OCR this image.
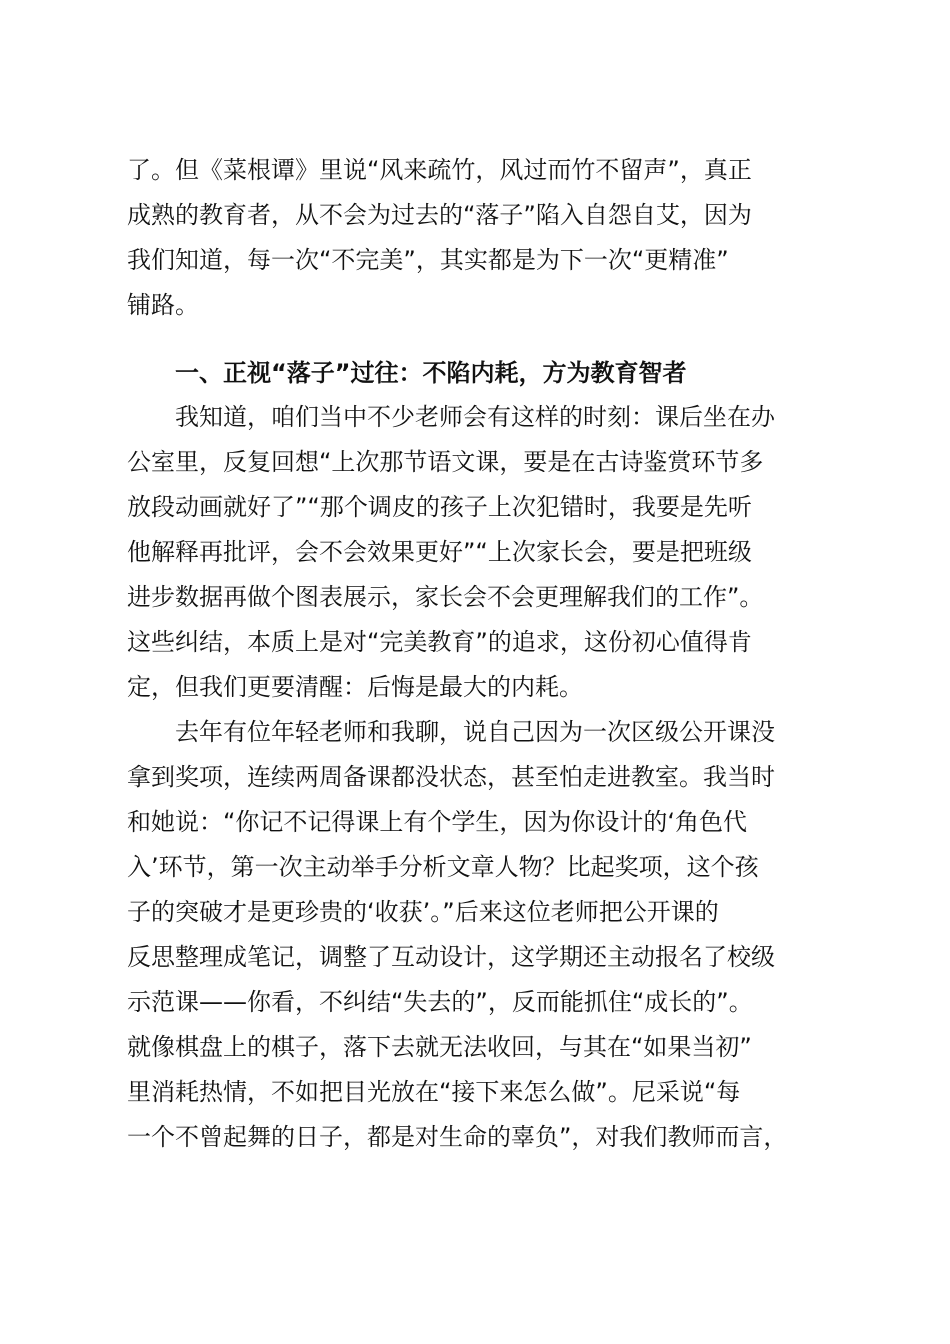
了。但《菜根谭》里说“风来疏竹，风过而竹不留声”，真正
成熟的教育者，从不会为过去的“落子”陷入自怨自艾，因为
我们知道，每一次“不完美”，其实都是为下一次“更精准”
铺路。
一、正视“落子”过往：不陷内耗，方为教育智者
我知道，咱们当中不少老师会有这样的时刻：课后坐在办
公室里，反复回想“上次那节语文课，要是在古诗鉴赏环节多
放段动画就好了”“那个调皮的孩子上次犯错时，我要是先听
他解释再批评，会不会效果更好”“上次家长会，要是把班级
进步数据再做个图表展示，家长会不会更理解我们的工作”。
这些纠结，本质上是对“完美教育”的追求，这份初心值得肯
定，但我们更要清醒：后悔是最大的内耗。
去年有位年轻老师和我聊，说自己因为一次区级公开课没
拿到奖项，连续两周备课都没状态，甚至怕走进教室。我当时
和她说：“你记不记得课上有个学生，因为你设计的‘角色代
入’环节，第一次主动举手分析文章人物？比起奖项，这个孩
子的突破才是更珍贵的‘收获’。”后来这位老师把公开课的
反思整理成笔记，调整了互动设计，这学期还主动报名了校级
示范课——你看，不纠结“失去的”，反而能抓住“成长的”。
就像棋盘上的棋子，落下去就无法收回，与其在“如果当初”
里消耗热情，不如把目光放在“接下来怎么做”。尼采说“每
一个不曾起舞的日子，都是对生命的辜负”，对我们教师而言，
